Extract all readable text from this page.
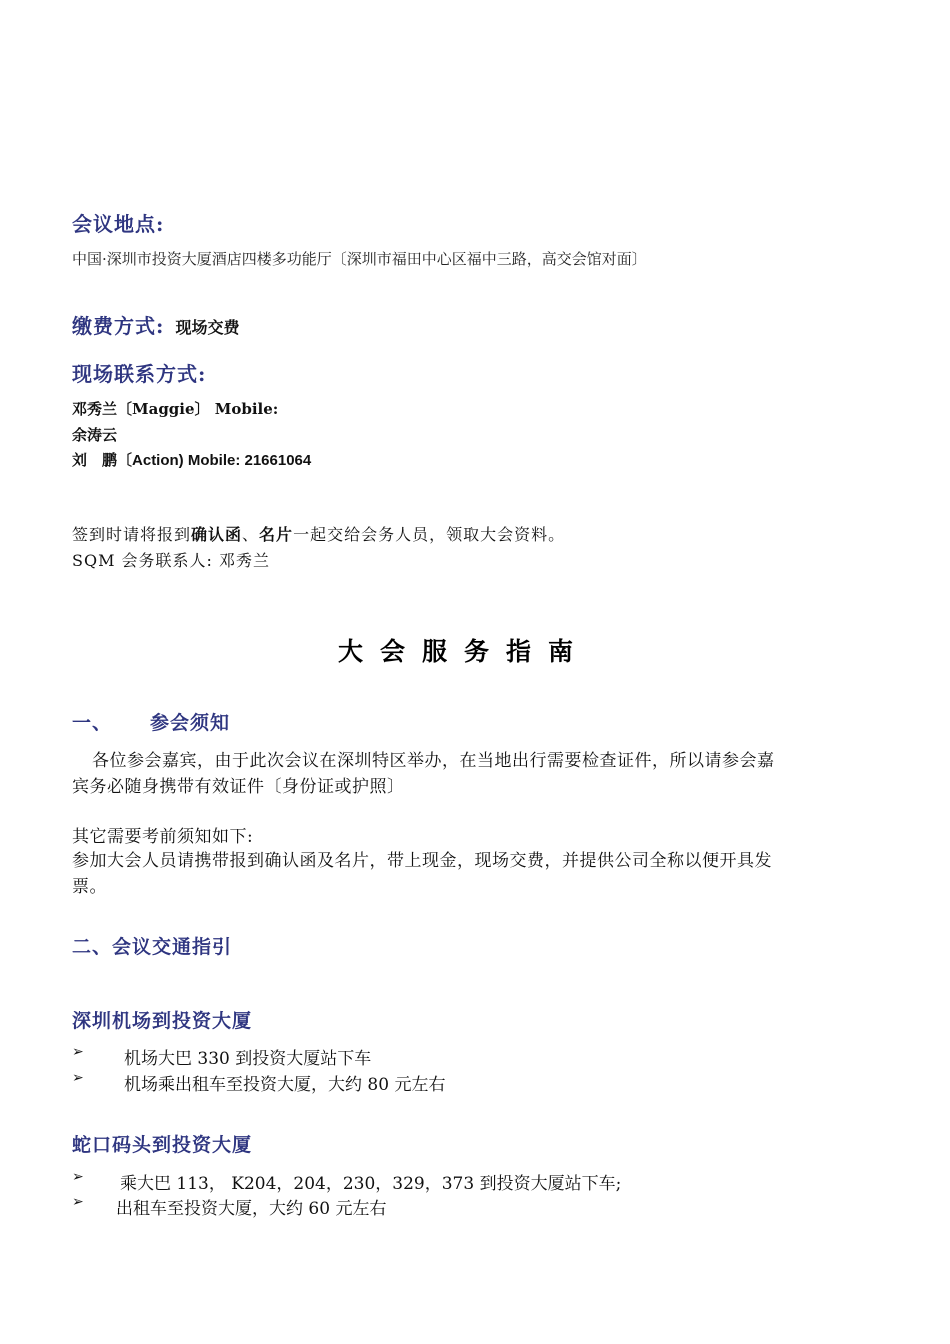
会议地点:
中国·深圳市投资大厦酒店四楼多功能厅〔深圳市福田中心区福中三路，高交会馆对面〕
缴费方式: 现场交费
现场联系方式:
邓秀兰〔Maggie〕 Mobile:
余涛云
刘　鹏〔Action) Mobile: 21661064
签到时请将报到确认函、名片一起交给会务人员，领取大会资料。
SQM 会务联系人: 邓秀兰
大会服务指南
一、 参会须知
各位参会嘉宾，由于此次会议在深圳特区举办，在当地出行需要检查证件，所以请参会嘉
宾务必随身携带有效证件〔身份证或护照〕
其它需要考前须知如下:
参加大会人员请携带报到确认函及名片，带上现金，现场交费，并提供公司全称以便开具发
票。
二、会议交通指引
深圳机场到投资大厦
➢ 机场大巴 330 到投资大厦站下车
➢ 机场乘出租车至投资大厦，大约 80 元左右
蛇口码头到投资大厦
➢ 乘大巴 113， K204，204，230，329，373 到投资大厦站下车;
➢ 出租车至投资大厦，大约 60 元左右
